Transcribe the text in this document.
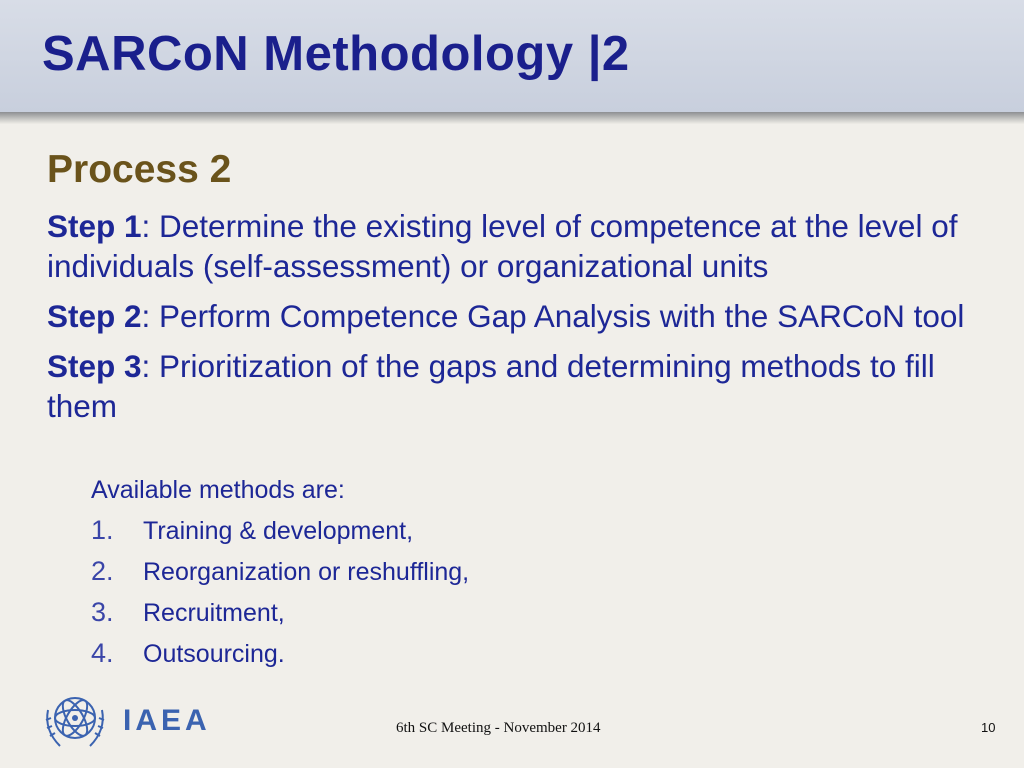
SARCoN Methodology |2
Process 2
Step 1: Determine the existing level of competence at the level of individuals (self-assessment) or organizational units
Step 2: Perform Competence Gap Analysis with the SARCoN tool
Step 3: Prioritization of the gaps and determining methods to fill them
Available methods are:
1.	Training & development,
2.	Reorganization or reshuffling,
3.	Recruitment,
4.	Outsourcing.
IAEA	6th SC Meeting - November 2014	10
